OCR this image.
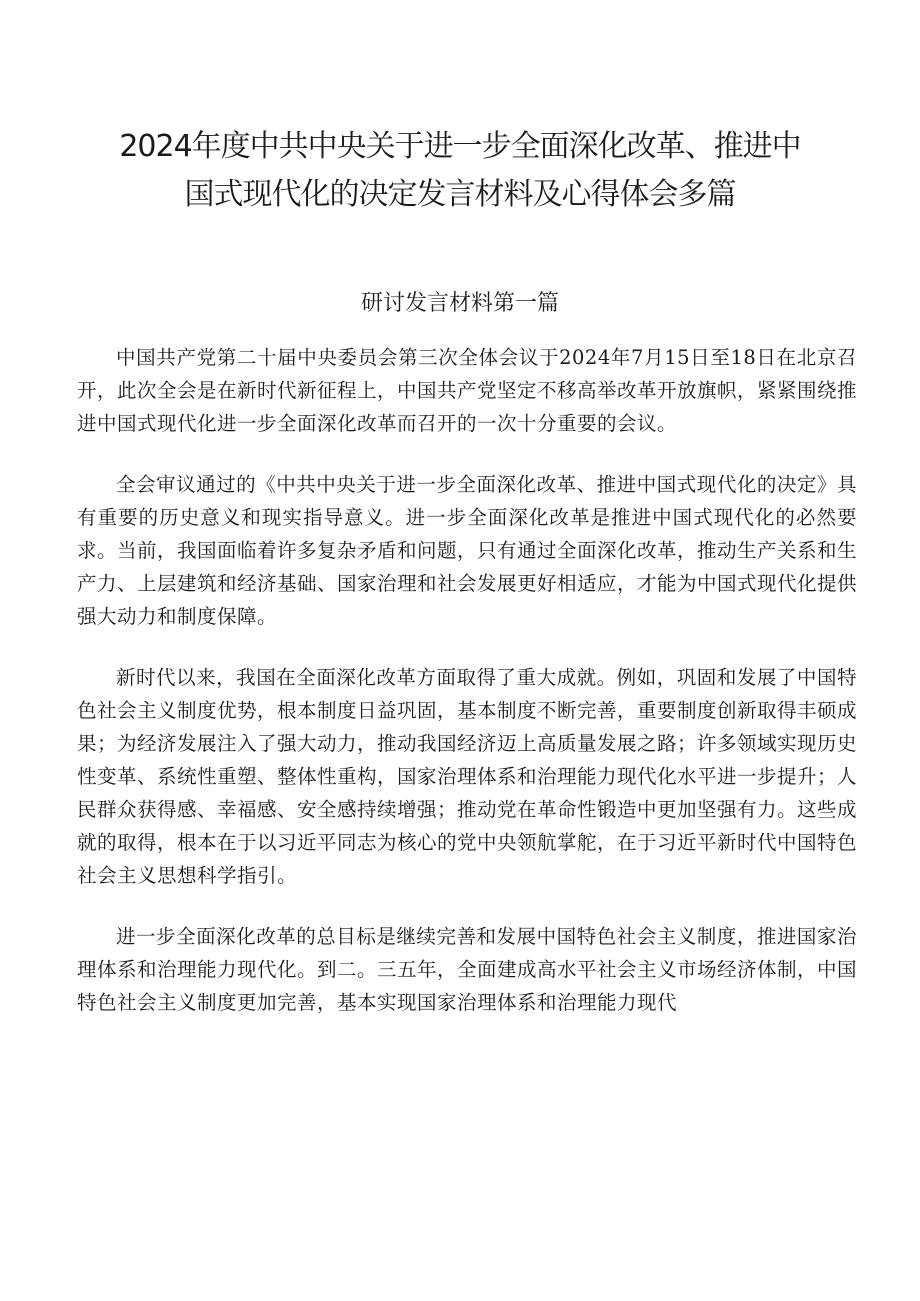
2024年度中共中央关于进一步全面深化改革、推进中
国式现代化的决定发言材料及心得体会多篇
研讨发言材料第一篇

中国共产党第二十届中央委员会第三次全体会议于2024年7月15日至18日在北京召开，此次全会是在新时代新征程上，中国共产党坚定不移高举改革开放旗帜，紧紧围绕推进中国式现代化进一步全面深化改革而召开的一次十分重要的会议。

全会审议通过的《中共中央关于进一步全面深化改革、推进中国式现代化的决定》具有重要的历史意义和现实指导意义。进一步全面深化改革是推进中国式现代化的必然要求。当前，我国面临着许多复杂矛盾和问题，只有通过全面深化改革，推动生产关系和生产力、上层建筑和经济基础、国家治理和社会发展更好相适应，才能为中国式现代化提供强大动力和制度保障。

新时代以来，我国在全面深化改革方面取得了重大成就。例如，巩固和发展了中国特色社会主义制度优势，根本制度日益巩固，基本制度不断完善，重要制度创新取得丰硕成果；为经济发展注入了强大动力，推动我国经济迈上高质量发展之路；许多领域实现历史性变革、系统性重塑、整体性重构，国家治理体系和治理能力现代化水平进一步提升；人民群众获得感、幸福感、安全感持续增强；推动党在革命性锻造中更加坚强有力。这些成就的取得，根本在于以习近平同志为核心的党中央领航掌舵，在于习近平新时代中国特色社会主义思想科学指引。

进一步全面深化改革的总目标是继续完善和发展中国特色社会主义制度，推进国家治理体系和治理能力现代化。到二。三五年，全面建成高水平社会主义市场经济体制，中国特色社会主义制度更加完善，基本实现国家治理体系和治理能力现代
